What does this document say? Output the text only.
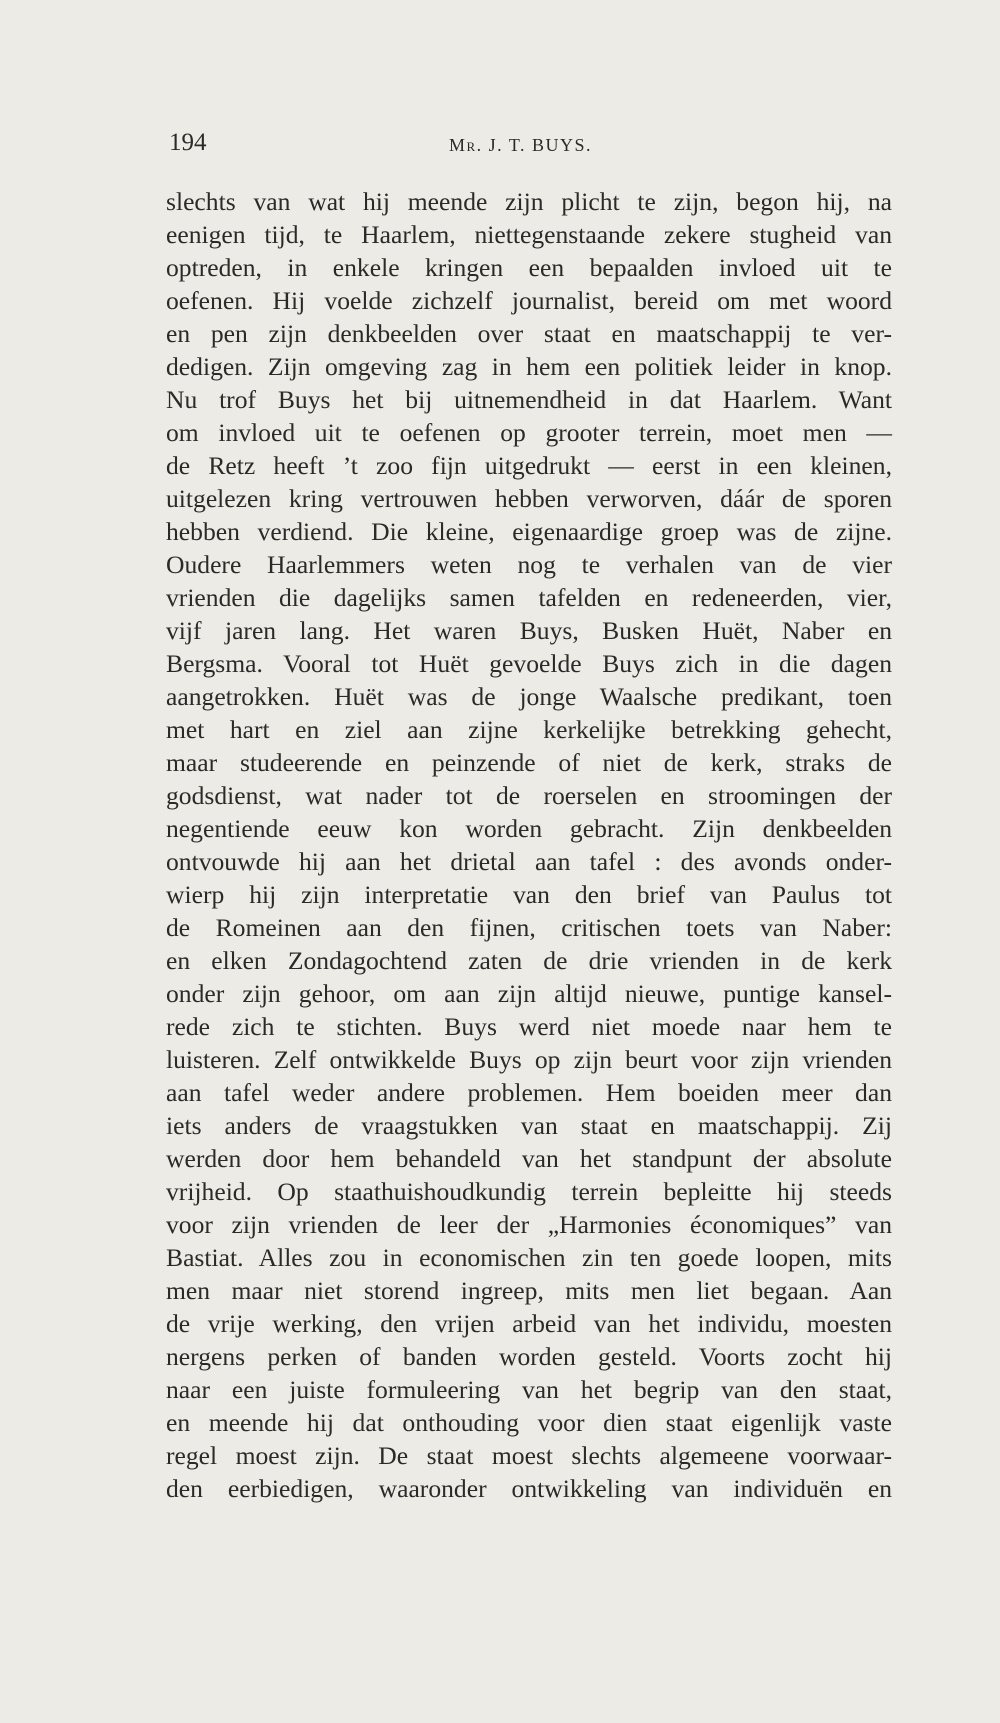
194	Mr. J. T. BUYS.
slechts van wat hij meende zijn plicht te zijn, begon hij, na
eenigen tijd, te Haarlem, niettegenstaande zekere stugheid van
optreden, in enkele kringen een bepaalden invloed uit te
oefenen. Hij voelde zichzelf journalist, bereid om met woord
en pen zijn denkbeelden over staat en maatschappij te ver-
dedigen. Zijn omgeving zag in hem een politiek leider in knop.
Nu trof Buys het bij uitnemendheid in dat Haarlem. Want
om invloed uit te oefenen op grooter terrein, moet men —
de Retz heeft ’t zoo fijn uitgedrukt — eerst in een kleinen,
uitgelezen kring vertrouwen hebben verworven, dáár de sporen
hebben verdiend. Die kleine, eigenaardige groep was de zijne.
Oudere Haarlemmers weten nog te verhalen van de vier
vrienden die dagelijks samen tafelden en redeneerden, vier,
vijf jaren lang. Het waren Buys, Busken Huët, Naber en
Bergsma. Vooral tot Huët gevoelde Buys zich in die dagen
aangetrokken. Huët was de jonge Waalsche predikant, toen
met hart en ziel aan zijne kerkelijke betrekking gehecht,
maar studeerende en peinzende of niet de kerk, straks de
godsdienst, wat nader tot de roerselen en stroomingen der
negentiende eeuw kon worden gebracht. Zijn denkbeelden
ontvouwde hij aan het drietal aan tafel : des avonds onder-
wierp hij zijn interpretatie van den brief van Paulus tot
de Romeinen aan den fijnen, critischen toets van Naber:
en elken Zondagochtend zaten de drie vrienden in de kerk
onder zijn gehoor, om aan zijn altijd nieuwe, puntige kansel-
rede zich te stichten. Buys werd niet moede naar hem te
luisteren. Zelf ontwikkelde Buys op zijn beurt voor zijn vrienden
aan tafel weder andere problemen. Hem boeiden meer dan
iets anders de vraagstukken van staat en maatschappij. Zij
werden door hem behandeld van het standpunt der absolute
vrijheid. Op staathuishoudkundig terrein bepleitte hij steeds
voor zijn vrienden de leer der „Harmonies économiques” van
Bastiat. Alles zou in economischen zin ten goede loopen, mits
men maar niet storend ingreep, mits men liet begaan. Aan
de vrije werking, den vrijen arbeid van het individu, moesten
nergens perken of banden worden gesteld. Voorts zocht hij
naar een juiste formuleering van het begrip van den staat,
en meende hij dat onthouding voor dien staat eigenlijk vaste
regel moest zijn. De staat moest slechts algemeene voorwaar-
den eerbiedigen, waaronder ontwikkeling van individuën en
